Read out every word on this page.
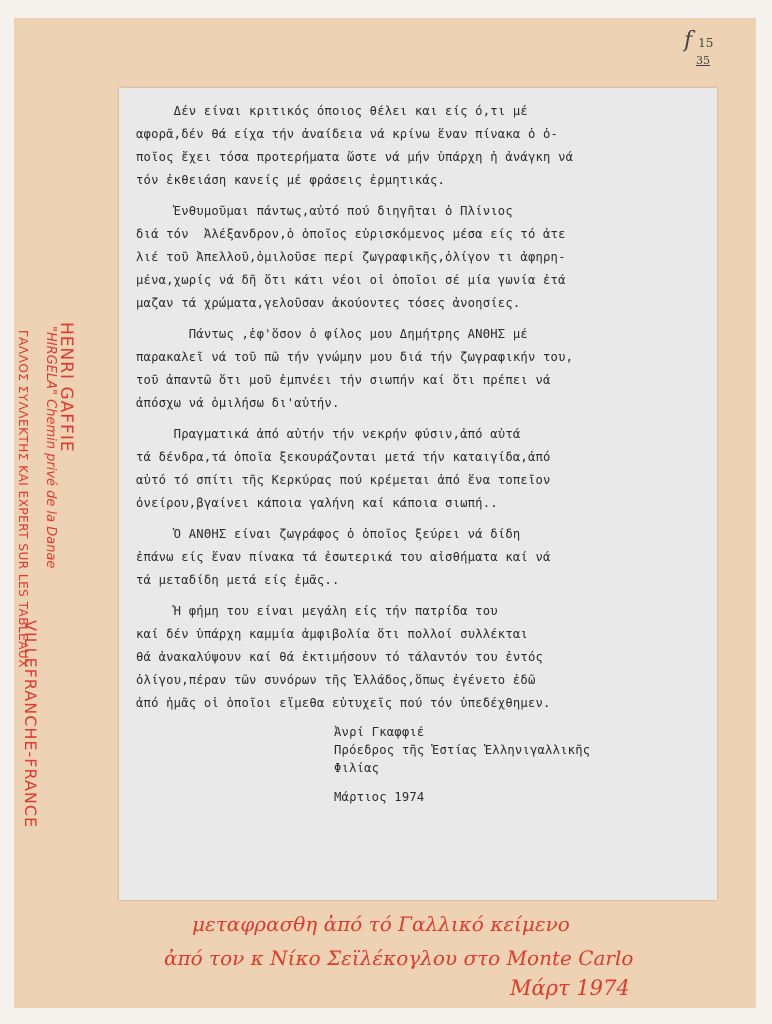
f 15
35
Δέν είναι κριτικός όποιος θέλει και είς ό,τι μέ
αφορᾶ,δέν θά είχα τήν ἀναίδεια νά κρίνω ἕναν πίνακα ὁ ὁ-
ποῖος ἔχει τόσα προτερήματα ὥστε νά μήν ὑπάρχη ἡ ἀνάγκη νά
τόν ἐκθειάση κανείς μέ φράσεις ἐρμητικάς.
Ἐνθυμοῦμαι πάντως,αὐτό πού διηγῆται ὁ Πλίνιος
διά τόν  Ἀλέξανδρον,ὁ ὁποῖος εὑρισκόμενος μέσα είς τό ἀτε
λιέ τοῦ Ἀπελλοῦ,ὁμιλοῦσε περί ζωγραφικῆς,ὀλίγον τι ἀφηρη-
μένα,χωρίς νά δῆ ὅτι κάτι νέοι οἱ ὁποῖοι σέ μία γωνία ἐτά
μαζαν τά χρώματα,γελοῦσαν ἀκούοντες τόσες ἀνοησίες.
Πάντως ,ἐφ'ὅσον ὁ φίλος μου Δημήτρης ΑΝΘΗΣ μέ
παρακαλεῖ νά τοῦ πῶ τήν γνώμην μου διά τήν ζωγραφικήν του,
τοῦ ἀπαντῶ ὅτι μοῦ ἐμπνέει τήν σιωπήν καί ὅτι πρέπει νά
ἀπόσχω νά ὁμιλήσω δι'αὐτήν.
Πραγματικά ἀπό αὐτήν τήν νεκρήν φύσιν,ἀπό αὐτά
τά δένδρα,τά ὁποῖα ξεκουράζονται μετά τήν καταιγίδα,ἀπό
αὐτό τό σπίτι τῆς Κερκύρας πού κρέμεται ἀπό ἕνα τοπεῖον
ὀνείρου,βγαίνει κάποια γαλήνη καί κάποια σιωπή..
Ὁ ΑΝΘΗΣ είναι ζωγράφος ὁ ὁποῖος ξεύρει νά δίδη
ἐπάνω είς ἕναν πίνακα τά ἐσωτερικά του αἰσθήματα καί νά
τά μεταδίδη μετά είς ἐμᾶς..
Ἡ φήμη του είναι μεγάλη είς τήν πατρίδα του
καί δέν ὑπάρχη καμμία ἀμφιβολία ὅτι πολλοί συλλέκται
θά ἀνακαλύψουν καί θά ἐκτιμήσουν τό τάλαντόν του ἐντός
ὀλίγου,πέραν τῶν συνόρων τῆς Ἑλλάδος,ὅπως ἐγένετο ἐδῶ
ἀπό ἡμᾶς οἱ ὁποῖοι εἴμεθα εὐτυχεῖς πού τόν ὑπεδέχθημεν.
Ἀνρί Γκαφφιέ
Πρόεδρος τῆς Ἑστίας Ἑλληνιγαλλικῆς
Φιλίας
Μάρτιος 1974
HENRI GAFFIE
"HIRGELA" Chemin privé de la Danae
VILLEFRANCHE-FRANCE
ΓΑΛΛΟΣ ΣΥΛΛΕΚΤΗΣ ΚΑΙ EXPERT SUR LES TABLEAUX
μεταφρασθη ἀπό τό Γαλλικό κείμενο
ἀπό τον κ Νίκο Σεϊλέκογλου στο Monte Carlo
Μάρτ 1974
